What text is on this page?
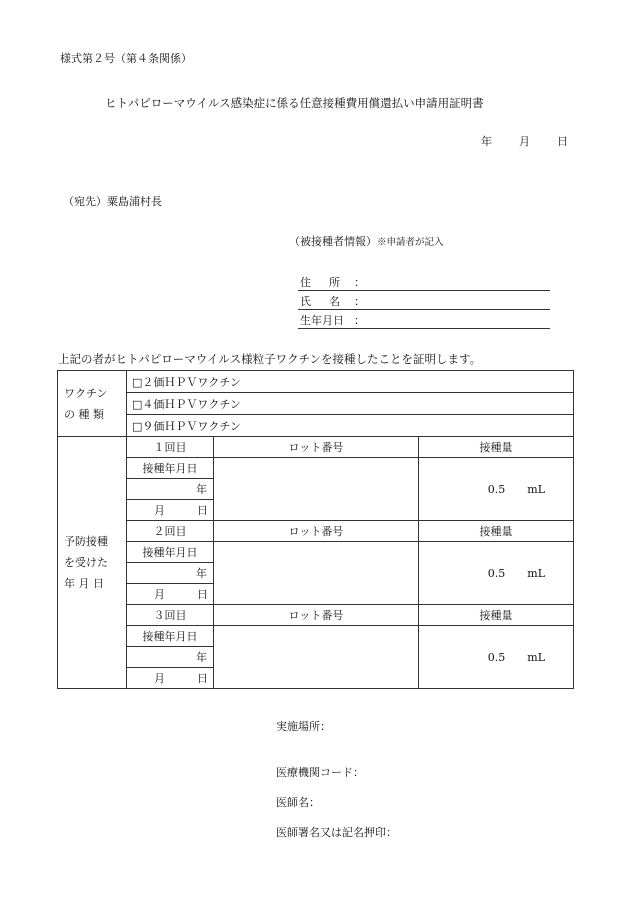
様式第２号（第４条関係）
ヒトパピローマウイルス感染症に係る任意接種費用償還払い申請用証明書
年 月 日
（宛先）粟島浦村長
（被接種者情報）※申請者が記入
住 所 ：
氏 名 ：
生年月日 ：
上記の者がヒトパピローマウイルス様粒子ワクチンを接種したことを証明します。
ワクチン
の 種 類	□２価ＨＰＶワクチン		
	□４価ＨＰＶワクチン		
	□９価ＨＰＶワクチン		
予防接種
を受けた
年 月 日	１回目	ロット番号	接種量
	接種年月日		0.5　　mL
	年		
	月 日		

	２回目	ロット番号	接種量
	接種年月日		0.5　　mL
	年		
	月 日		

	３回目	ロット番号	接種量
	接種年月日		0.5　　mL
	年		
	月 日		
実施場所：
医療機関コード：
医師名：
医師署名又は記名押印：
